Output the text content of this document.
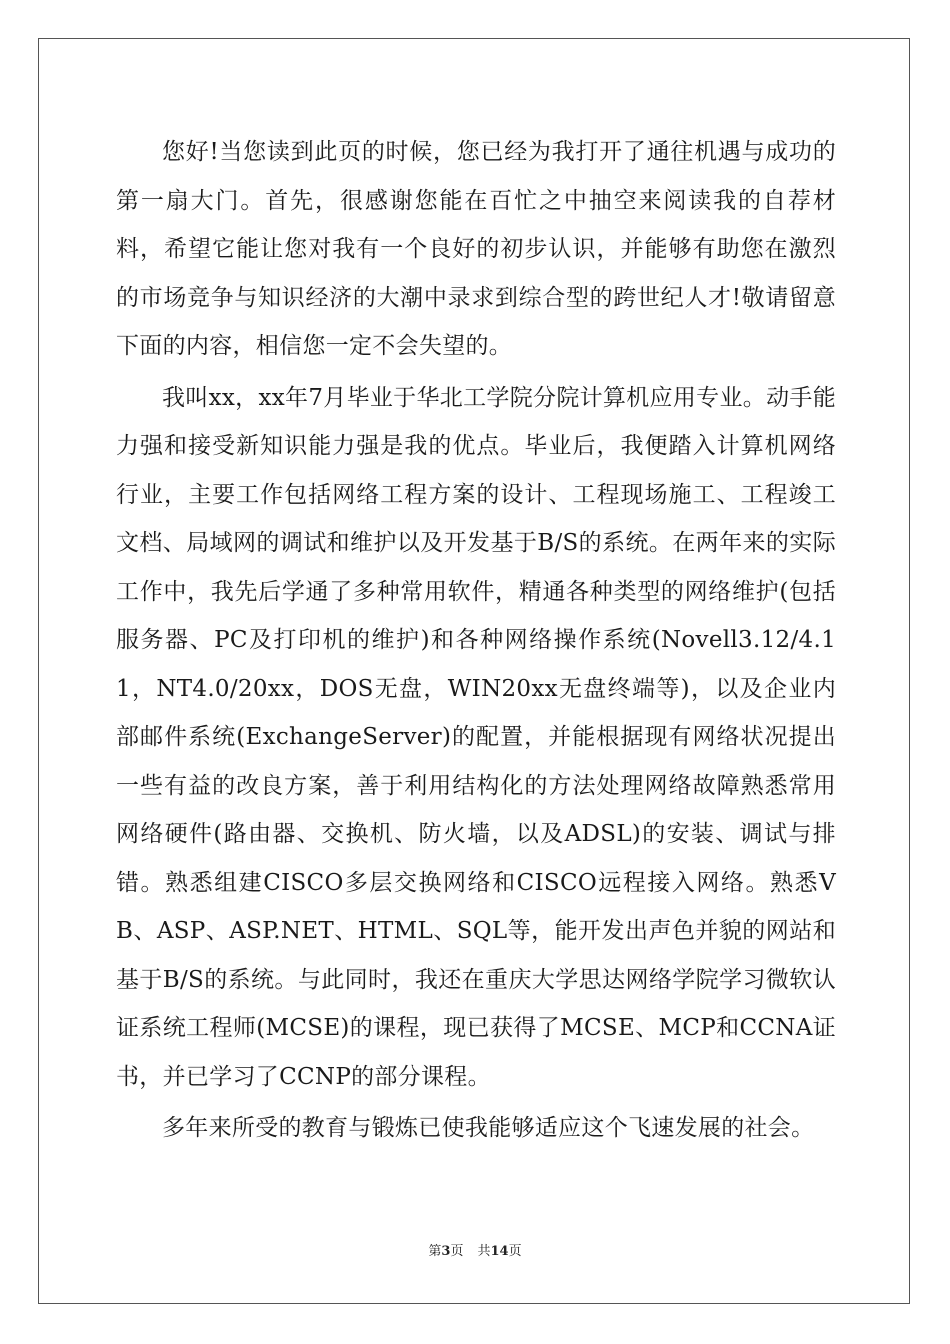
您好!当您读到此页的时候，您已经为我打开了通往机遇与成功的第一扇大门。首先，很感谢您能在百忙之中抽空来阅读我的自荐材料，希望它能让您对我有一个良好的初步认识，并能够有助您在激烈的市场竞争与知识经济的大潮中录求到综合型的跨世纪人才!敬请留意下面的内容，相信您一定不会失望的。

我叫xx，xx年7月毕业于华北工学院分院计算机应用专业。动手能力强和接受新知识能力强是我的优点。毕业后，我便踏入计算机网络行业，主要工作包括网络工程方案的设计、工程现场施工、工程竣工文档、局域网的调试和维护以及开发基于B/S的系统。在两年来的实际工作中，我先后学通了多种常用软件，精通各种类型的网络维护(包括服务器、PC及打印机的维护)和各种网络操作系统(Novell3.12/4.11，NT4.0/20xx，DOS无盘，WIN20xx无盘终端等)，以及企业内部邮件系统(ExchangeServer)的配置，并能根据现有网络状况提出一些有益的改良方案，善于利用结构化的方法处理网络故障熟悉常用网络硬件(路由器、交换机、防火墙，以及ADSL)的安装、调试与排错。熟悉组建CISCO多层交换网络和CISCO远程接入网络。熟悉VB、ASP、ASP.NET、HTML、SQL等，能开发出声色并貌的网站和基于B/S的系统。与此同时，我还在重庆大学思达网络学院学习微软认证系统工程师(MCSE)的课程，现已获得了MCSE、MCP和CCNA证书，并已学习了CCNP的部分课程。

多年来所受的教育与锻炼已使我能够适应这个飞速发展的社会。

第3页 共14页
